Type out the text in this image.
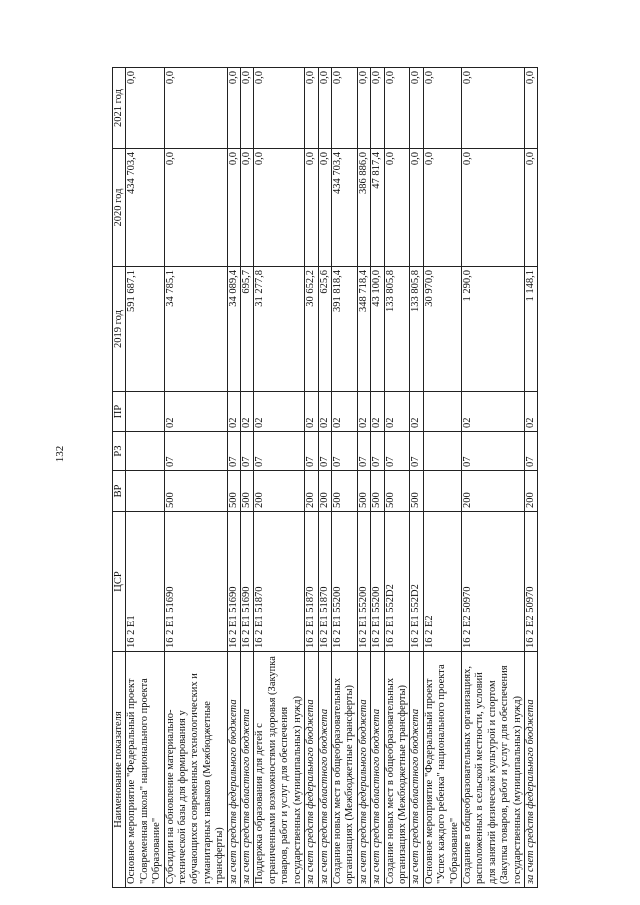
132
Наименование показателя	ЦСР	ВР	РЗ	ПР	2019 год	2020 год	2021 год
Основное мероприятие "Федеральный проект "Современная школа" национального проекта "Образование"	16 2 E1				591 687,1	434 703,4	0,0
Субсидии на обновление материально-технической базы для формирования у обучающихся современных технологических и гуманитарных навыков (Межбюджетные трансферты)	16 2 E1 51690	500	07	02	34 785,1	0,0	0,0
за счет средств федерального бюджета	16 2 E1 51690	500	07	02	34 089,4	0,0	0,0
за счет средств областного бюджета	16 2 E1 51690	500	07	02	695,7	0,0	0,0
Поддержка образования для детей с ограниченными возможностями здоровья (Закупка товаров, работ и услуг для обеспечения государственных (муниципальных) нужд)	16 2 E1 51870	200	07	02	31 277,8	0,0	0,0
за счет средств федерального бюджета	16 2 E1 51870	200	07	02	30 652,2	0,0	0,0
за счет средств областного бюджета	16 2 E1 51870	200	07	02	625,6	0,0	0,0
Создание новых мест в общеобразовательных организациях (Межбюджетные трансферты)	16 2 E1 55200	500	07	02	391 818,4	434 703,4	0,0
за счет средств федерального бюджета	16 2 E1 55200	500	07	02	348 718,4	386 886,0	0,0
за счет средств областного бюджета	16 2 E1 55200	500	07	02	43 100,0	47 817,4	0,0
Создание новых мест в общеобразовательных организациях (Межбюджетные трансферты)	16 2 E1 552D2	500	07	02	133 805,8	0,0	0,0
за счет средств областного бюджета	16 2 E1 552D2	500	07	02	133 805,8	0,0	0,0
Основное мероприятие "Федеральный проект "Успех каждого ребенка" национального проекта "Образование"	16 2 E2				30 970,0	0,0	0,0
Создание в общеобразовательных организациях, расположенных в сельской местности, условий для занятий физической культурой и спортом (Закупка товаров, работ и услуг для обеспечения государственных (муниципальных) нужд)	16 2 E2 50970	200	07	02	1 290,0	0,0	0,0
за счет средств федерального бюджета	16 2 E2 50970	200	07	02	1 148,1	0,0	0,0
